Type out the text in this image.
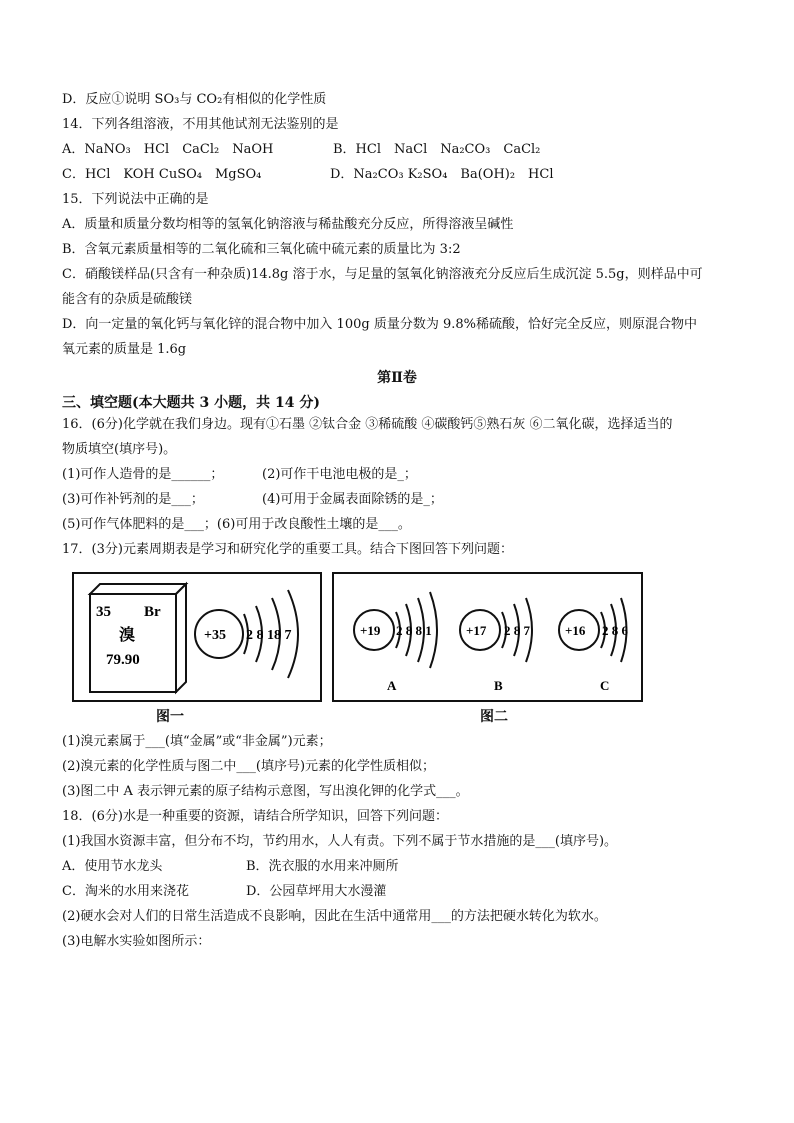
D．反应①说明 SO₃与 CO₂有相似的化学性质
14．下列各组溶液，不用其他试剂无法鉴别的是
A．NaNO₃　HCl　CaCl₂　NaOH	B．HCl　NaCl　Na₂CO₃　CaCl₂
C．HCl　KOH CuSO₄　MgSO₄	D．Na₂CO₃ K₂SO₄　Ba(OH)₂　HCl
15．下列说法中正确的是
A．质量和质量分数均相等的氢氧化钠溶液与稀盐酸充分反应，所得溶液呈碱性
B．含氧元素质量相等的二氧化硫和三氧化硫中硫元素的质量比为 3:2
C．硝酸镁样品(只含有一种杂质)14.8g 溶于水，与足量的氢氧化钠溶液充分反应后生成沉淀 5.5g，则样品中可
能含有的杂质是硫酸镁
D．向一定量的氧化钙与氧化锌的混合物中加入 100g 质量分数为 9.8%稀硫酸，恰好完全反应，则原混合物中
氧元素的质量是 1.6g
第Ⅱ卷
三、填空题(本大题共 3 小题，共 14 分)
16．(6分)化学就在我们身边。现有①石墨 ②钛合金 ③稀硫酸 ④碳酸钙⑤熟石灰 ⑥二氧化碳，选择适当的
物质填空(填序号)。
(1)可作人造骨的是______；	(2)可作干电池电极的是_；
(3)可作补钙剂的是___；	(4)可用于金属表面除锈的是_；
(5)可作气体肥料的是___；(6)可用于改良酸性土壤的是___。
17．(3分)元素周期表是学习和研究化学的重要工具。结合下图回答下列问题：
35 Br
溴
79.90
+35 2 8 18 7
图一
+19 2 8 8 1
A
+17 2 8 7
B
+16 2 8 6
C
图二
(1)溴元素属于___(填“金属”或“非金属”)元素；
(2)溴元素的化学性质与图二中___(填序号)元素的化学性质相似；
(3)图二中 A 表示钾元素的原子结构示意图，写出溴化钾的化学式___。
18．(6分)水是一种重要的资源，请结合所学知识，回答下列问题：
(1)我国水资源丰富，但分布不均，节约用水，人人有责。下列不属于节水措施的是___(填序号)。
A．使用节水龙头	B．洗衣服的水用来冲厕所
C．淘米的水用来浇花	D．公园草坪用大水漫灌
(2)硬水会对人们的日常生活造成不良影响，因此在生活中通常用___的方法把硬水转化为软水。
(3)电解水实验如图所示：
